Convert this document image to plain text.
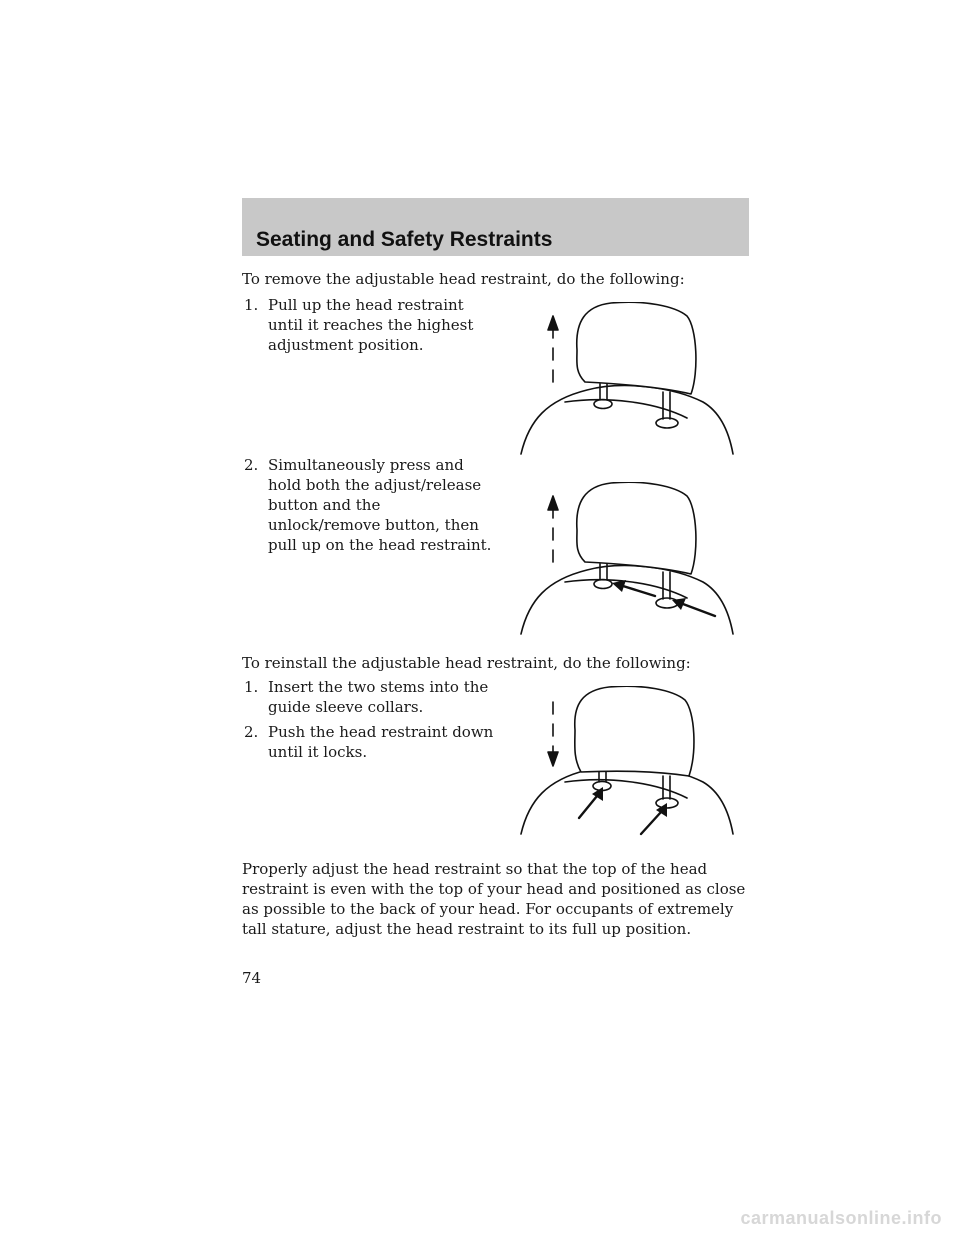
Seating and Safety Restraints

To remove the adjustable head restraint, do the following:

1. Pull up the head restraint until it reaches the highest adjustment position.
2. Simultaneously press and hold both the adjust/release button and the unlock/remove button, then pull up on the head restraint.

To reinstall the adjustable head restraint, do the following:

1. Insert the two stems into the guide sleeve collars.
2. Push the head restraint down until it locks.

Properly adjust the head restraint so that the top of the head restraint is even with the top of your head and positioned as close as possible to the back of your head. For occupants of extremely tall stature, adjust the head restraint to its full up position.

74
carmanualsonline.info
